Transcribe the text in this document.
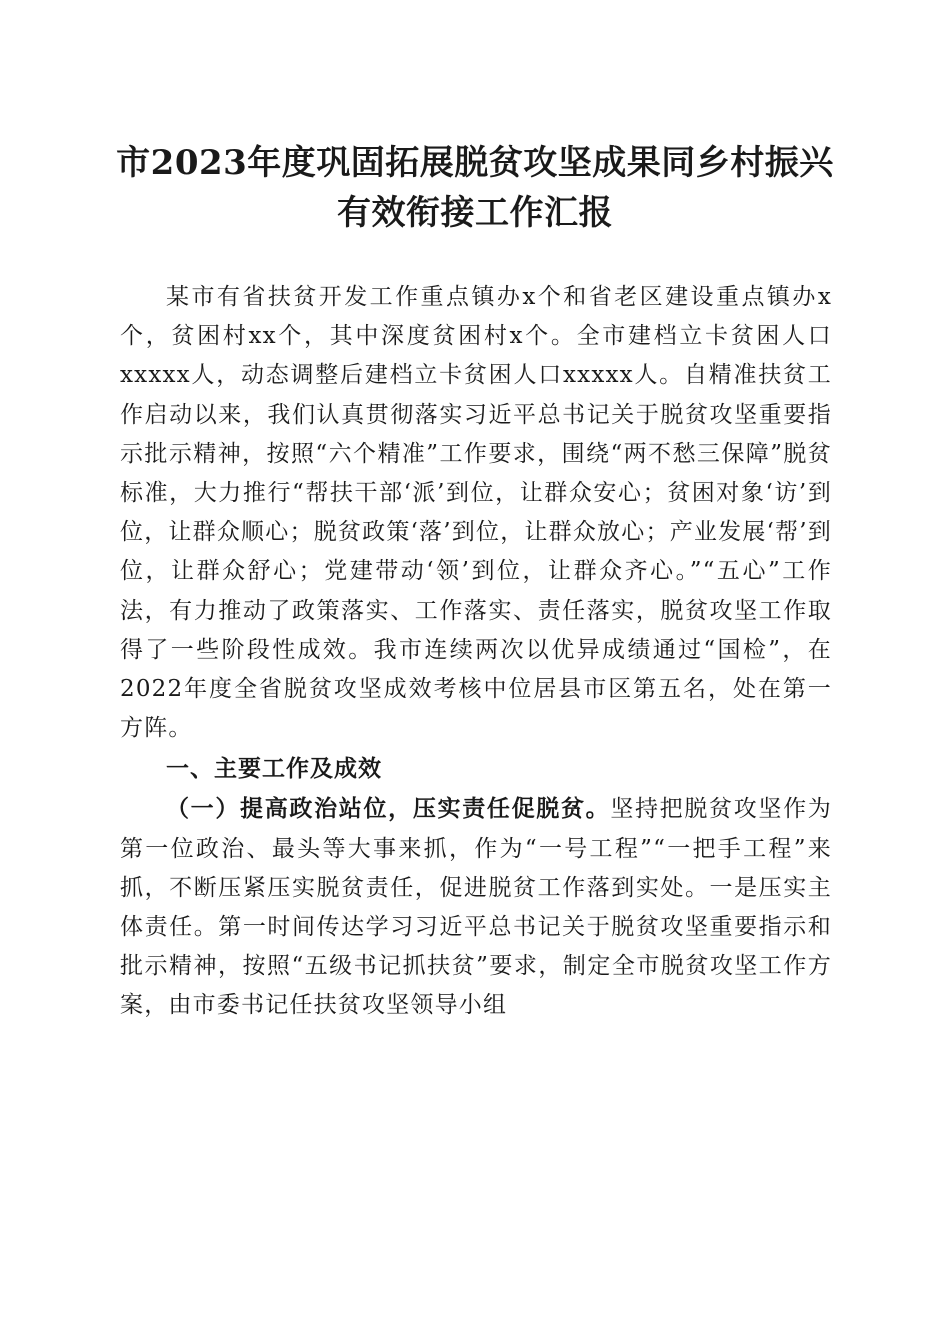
市2023年度巩固拓展脱贫攻坚成果同乡村振兴有效衔接工作汇报

某市有省扶贫开发工作重点镇办x个和省老区建设重点镇办x个，贫困村xx个，其中深度贫困村x个。全市建档立卡贫困人口xxxxx人，动态调整后建档立卡贫困人口xxxxx人。自精准扶贫工作启动以来，我们认真贯彻落实习近平总书记关于脱贫攻坚重要指示批示精神，按照“六个精准”工作要求，围绕“两不愁三保障”脱贫标准，大力推行“帮扶干部‘派’到位，让群众安心；贫困对象‘访’到位，让群众顺心；脱贫政策‘落’到位，让群众放心；产业发展‘帮’到位，让群众舒心；党建带动‘领’到位，让群众齐心。”“五心”工作法，有力推动了政策落实、工作落实、责任落实，脱贫攻坚工作取得了一些阶段性成效。我市连续两次以优异成绩通过“国检”，在2022年度全省脱贫攻坚成效考核中位居县市区第五名，处在第一方阵。

一、主要工作及成效

（一）提高政治站位，压实责任促脱贫。坚持把脱贫攻坚作为第一位政治、最头等大事来抓，作为“一号工程”“一把手工程”来抓，不断压紧压实脱贫责任，促进脱贫工作落到实处。一是压实主体责任。第一时间传达学习习近平总书记关于脱贫攻坚重要指示和批示精神，按照“五级书记抓扶贫”要求，制定全市脱贫攻坚工作方案，由市委书记任扶贫攻坚领导小组
